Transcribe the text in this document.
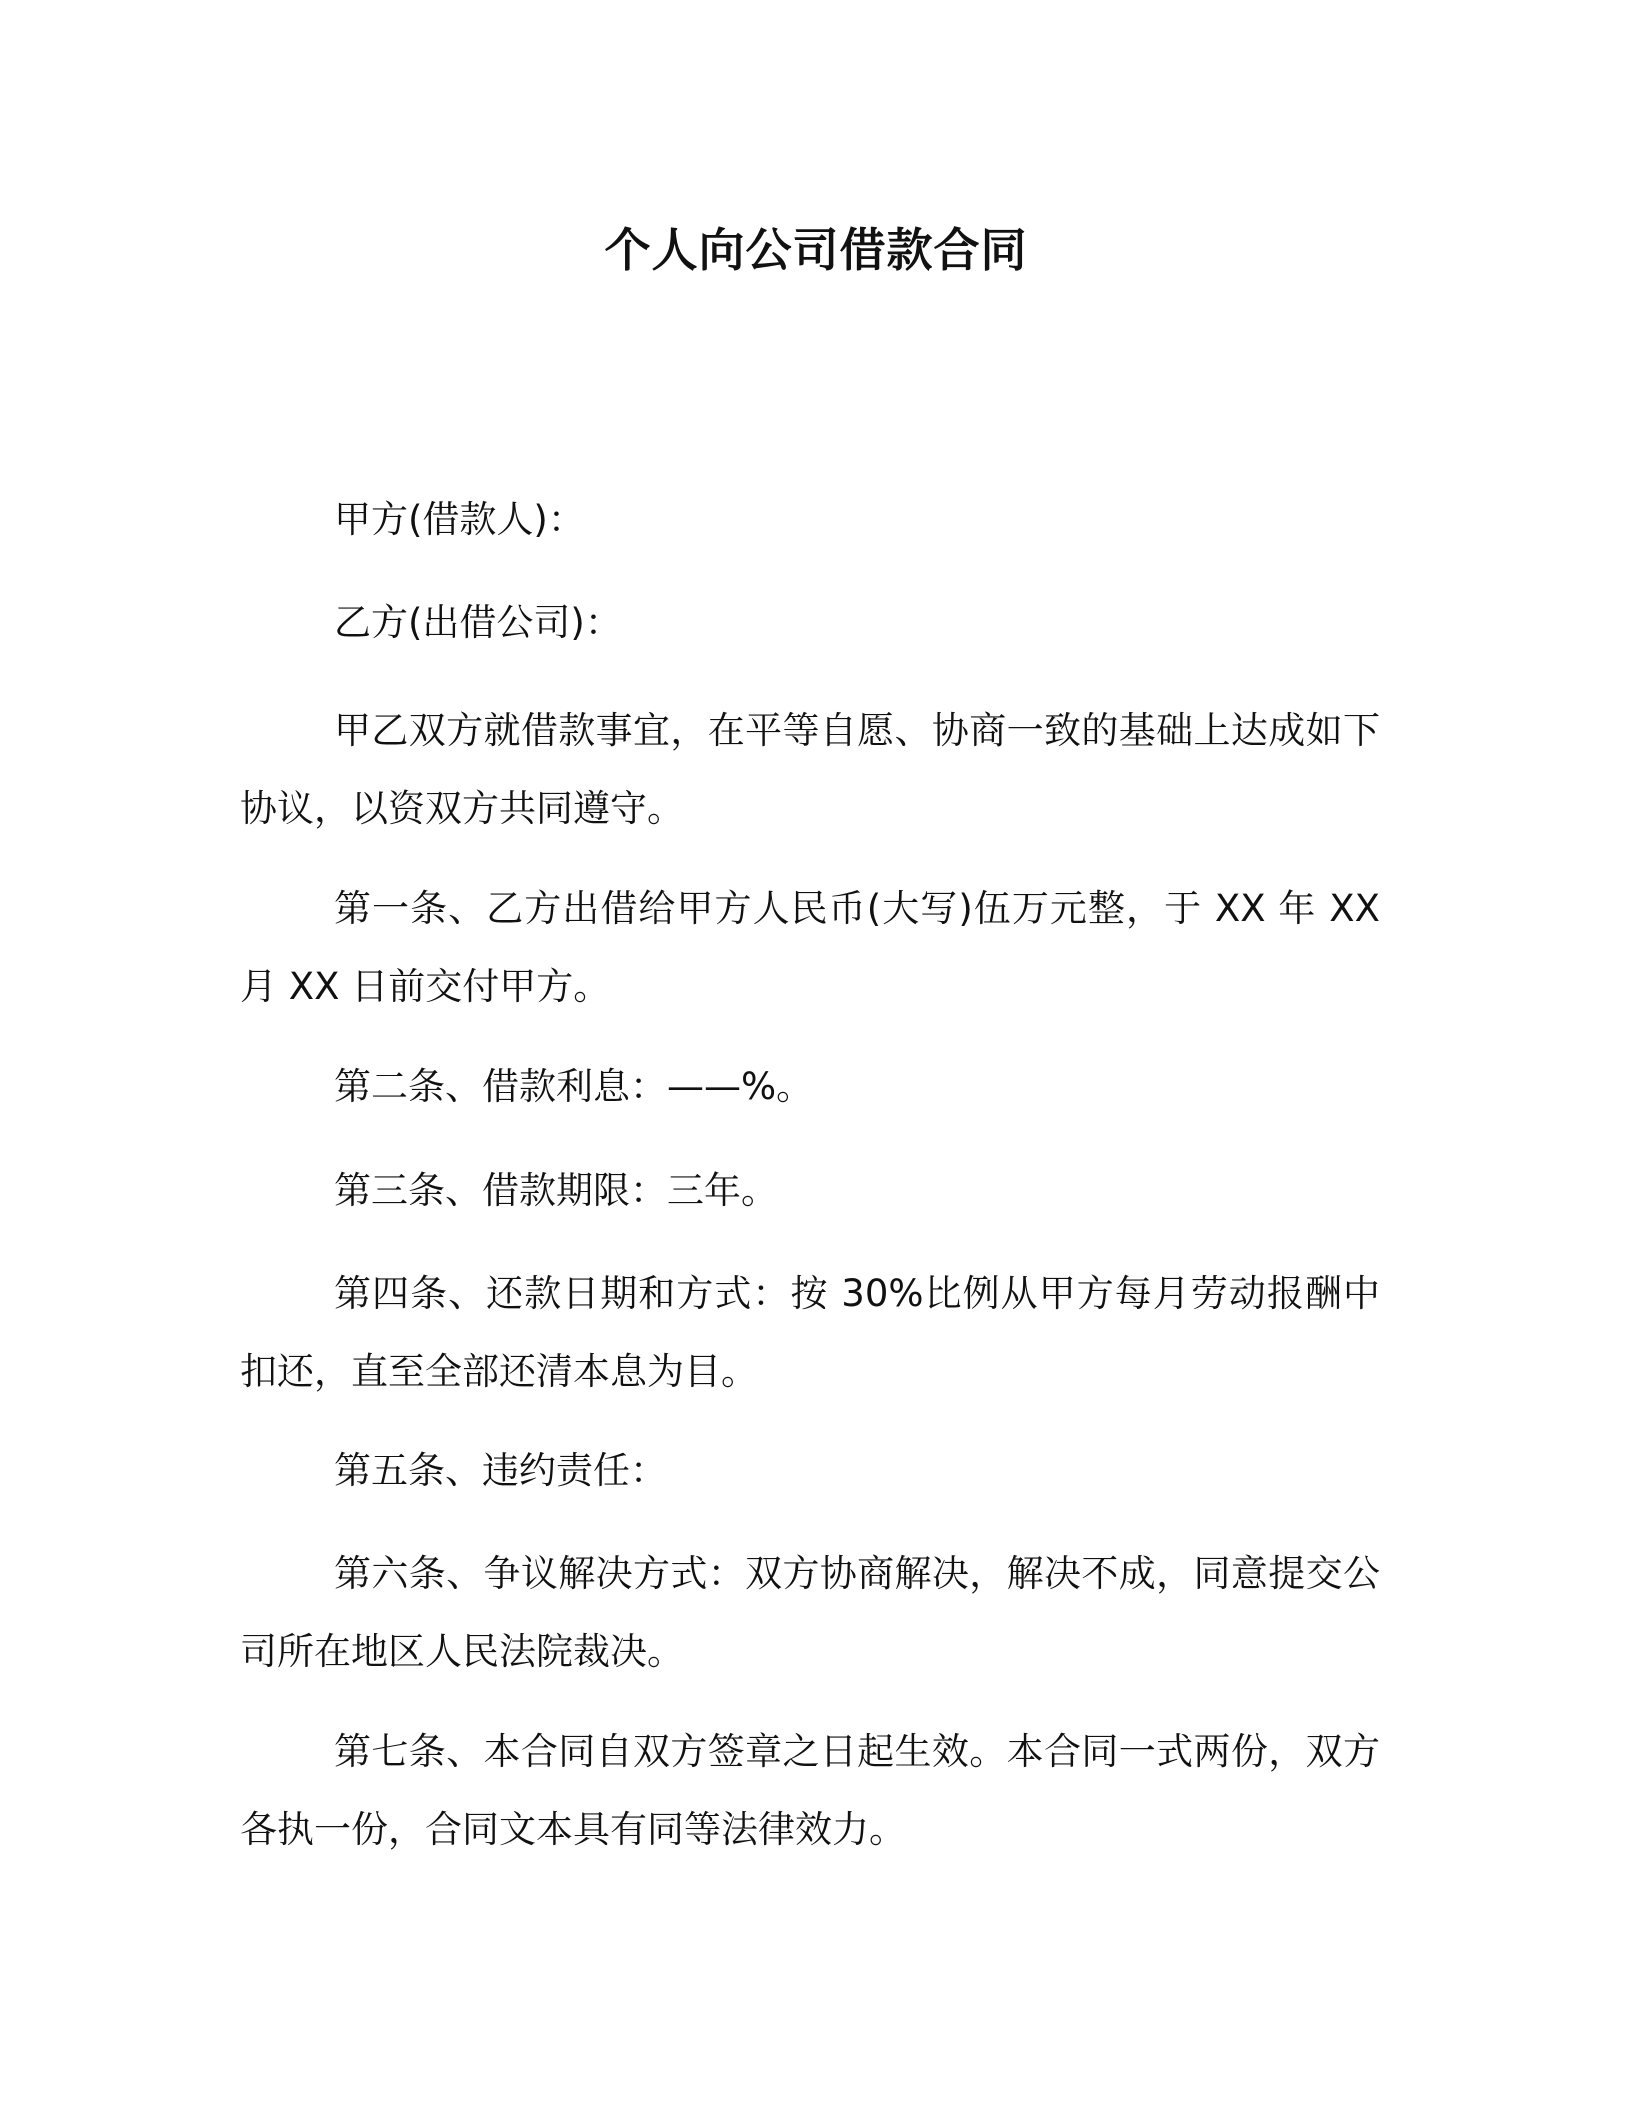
个人向公司借款合同

甲方(借款人)：

乙方(出借公司)：

甲乙双方就借款事宜，在平等自愿、协商一致的基础上达成如下协议，以资双方共同遵守。

第一条、乙方出借给甲方人民币(大写)伍万元整，于 XX 年 XX 月 XX 日前交付甲方。

第二条、借款利息：——%。

第三条、借款期限：三年。

第四条、还款日期和方式：按 30%比例从甲方每月劳动报酬中扣还，直至全部还清本息为目。

第五条、违约责任：

第六条、争议解决方式：双方协商解决，解决不成，同意提交公司所在地区人民法院裁决。

第七条、本合同自双方签章之日起生效。本合同一式两份，双方各执一份，合同文本具有同等法律效力。
